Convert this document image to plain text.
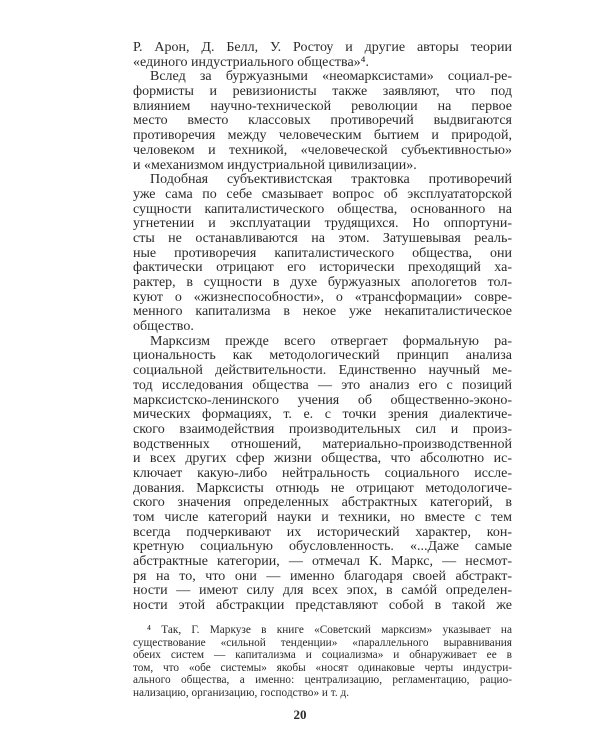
Р. Арон, Д. Белл, У. Ростоу и другие авторы теории
«единого индустриального общества»⁴.
Вслед за буржуазными «неомарксистами» социал-ре-
формисты и ревизионисты также заявляют, что под
влиянием научно-технической революции на первое
место вместо классовых противоречий выдвигаются
противоречия между человеческим бытием и природой,
человеком и техникой, «человеческой субъективностью»
и «механизмом индустриальной цивилизации».
Подобная субъективистская трактовка противоречий
уже сама по себе смазывает вопрос об эксплуататорской
сущности капиталистического общества, основанного на
угнетении и эксплуатации трудящихся. Но оппортуни-
сты не останавливаются на этом. Затушевывая реаль-
ные противоречия капиталистического общества, они
фактически отрицают его исторически преходящий ха-
рактер, в сущности в духе буржуазных апологетов тол-
куют о «жизнеспособности», о «трансформации» совре-
менного капитализма в некое уже некапиталистическое
общество.
Марксизм прежде всего отвергает формальную ра-
циональность как методологический принцип анализа
социальной действительности. Единственно научный ме-
тод исследования общества — это анализ его с позиций
марксистско-ленинского учения об общественно-эконо-
мических формациях, т. е. с точки зрения диалектиче-
ского взаимодействия производительных сил и произ-
водственных отношений, материально-производственной
и всех других сфер жизни общества, что абсолютно ис-
ключает какую-либо нейтральность социального иссле-
дования. Марксисты отнюдь не отрицают методологиче-
ского значения определенных абстрактных категорий, в
том числе категорий науки и техники, но вместе с тем
всегда подчеркивают их исторический характер, кон-
кретную социальную обусловленность. «...Даже самые
абстрактные категории, — отмечал К. Маркс, — несмот-
ря на то, что они — именно благодаря своей абстракт-
ности — имеют силу для всех эпох, в самóй определен-
ности этой абстракции представляют собой в такой же
⁴ Так, Г. Маркузе в книге «Советский марксизм» указывает на
существование «сильной тенденции» «параллельного выравнивания
обеих систем — капитализма и социализма» и обнаруживает ее в
том, что «обе системы» якобы «носят одинаковые черты индустри-
ального общества, а именно: централизацию, регламентацию, рацио-
нализацию, организацию, господство» и т. д.
20
